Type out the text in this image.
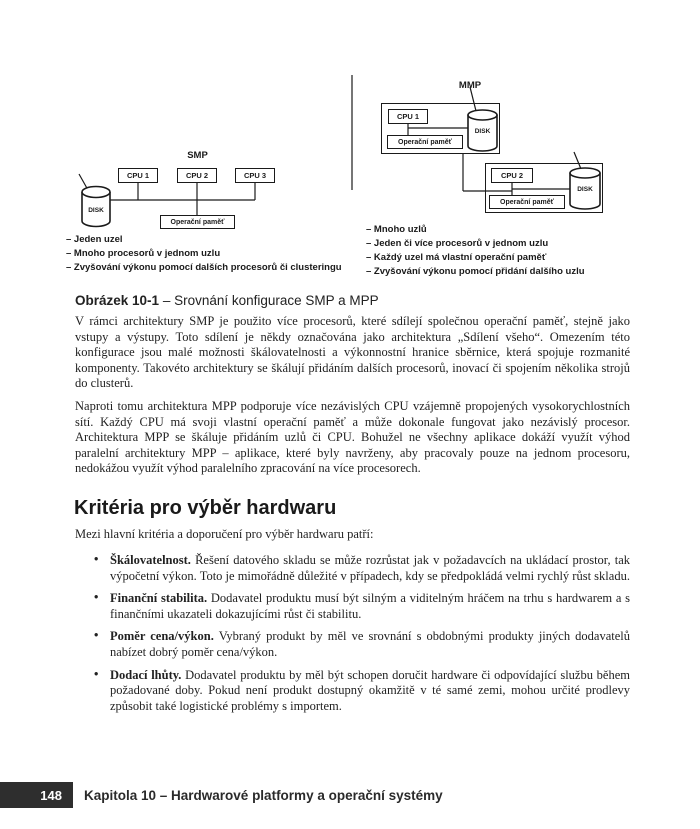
SMP
CPU 1	CPU 2	CPU 3
Operační paměť
DISK
– Jeden uzel
– Mnoho procesorů v jednom uzlu
– Zvyšování výkonu pomocí dalších procesorů či clusteringu
MMP
CPU 1
Operační paměť
DISK
CPU 2
Operační paměť
DISK
– Mnoho uzlů
– Jeden či více procesorů v jednom uzlu
– Každý uzel má vlastní operační paměť
– Zvyšování výkonu pomocí přidání dalšího uzlu
Obrázek 10-1 – Srovnání konfigurace SMP a MPP

V rámci architektury SMP je použito více procesorů, které sdílejí společnou operační paměť, stejně jako vstupy a výstupy. Toto sdílení je někdy označována jako architektura „Sdílení všeho“. Omezením této konfigurace jsou malé možnosti škálovatelnosti a výkonnostní hranice sběrnice, která spojuje rozmanité komponenty. Takovéto architektury se škálují přidáním dalších procesorů, inovací či spojením několika strojů do clusterů.

Naproti tomu architektura MPP podporuje více nezávislých CPU vzájemně propojených vysokorychlostních sítí. Každý CPU má svoji vlastní operační paměť a může dokonale fungovat jako nezávislý procesor. Architektura MPP se škáluje přidáním uzlů či CPU. Bohužel ne všechny aplikace dokáží využít výhod paralelní architektury MPP – aplikace, které byly navrženy, aby pracovaly pouze na jednom procesoru, nedokážou využít výhod paralelního zpracování na více procesorech.

Kritéria pro výběr hardwaru

Mezi hlavní kritéria a doporučení pro výběr hardwaru patří:

• Škálovatelnost. Řešení datového skladu se může rozrůstat jak v požadavcích na ukládací prostor, tak výpočetní výkon. Toto je mimořádně důležité v případech, kdy se předpokládá velmi rychlý růst skladu.
• Finanční stabilita. Dodavatel produktu musí být silným a viditelným hráčem na trhu s hardwarem a s finančními ukazateli dokazujícími růst či stabilitu.
• Poměr cena/výkon. Vybraný produkt by měl ve srovnání s obdobnými produkty jiných dodavatelů nabízet dobrý poměr cena/výkon.
• Dodací lhůty. Dodavatel produktu by měl být schopen doručit hardware či odpovídající službu během požadované doby. Pokud není produkt dostupný okamžitě v té samé zemi, mohou určité prodlevy způsobit také logistické problémy s importem.
148 Kapitola 10 – Hardwarové platformy a operační systémy
